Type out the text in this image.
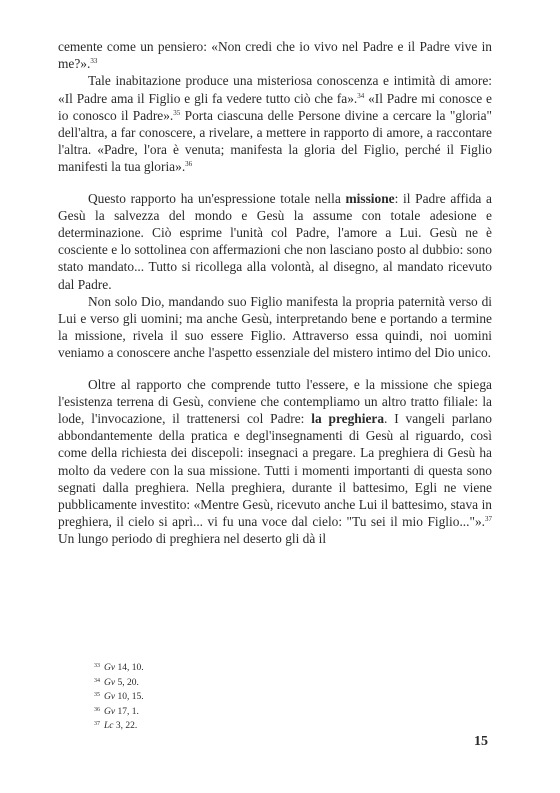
cemente come un pensiero: «Non credi che io vivo nel Padre e il Padre vive in me?».$^{33}$

Tale inabitazione produce una misteriosa conoscenza e intimità di amore: «Il Padre ama il Figlio e gli fa vedere tutto ciò che fa».$^{34}$ «Il Padre mi conosce e io conosco il Padre».$^{35}$ Porta ciascuna delle Persone divine a cercare la "gloria" dell'altra, a far conoscere, a rivelare, a mettere in rapporto di amore, a raccontare l'altra. «Padre, l'ora è venuta; manifesta la gloria del Figlio, perché il Figlio manifesti la tua gloria».$^{36}$

Questo rapporto ha un'espressione totale nella missione: il Padre affida a Gesù la salvezza del mondo e Gesù la assume con totale adesione e determinazione. Ciò esprime l'unità col Padre, l'amore a Lui. Gesù ne è cosciente e lo sottolinea con affermazioni che non lasciano posto al dubbio: sono stato mandato... Tutto si ricollega alla volontà, al disegno, al mandato ricevuto dal Padre.

Non solo Dio, mandando suo Figlio manifesta la propria paternità verso di Lui e verso gli uomini; ma anche Gesù, interpretando bene e portando a termine la missione, rivela il suo essere Figlio. Attraverso essa quindi, noi uomini veniamo a conoscere anche l'aspetto essenziale del mistero intimo del Dio unico.

Oltre al rapporto che comprende tutto l'essere, e la missione che spiega l'esistenza terrena di Gesù, conviene che contempliamo un altro tratto filiale: la lode, l'invocazione, il trattenersi col Padre: la preghiera. I vangeli parlano abbondantemente della pratica e degl'insegnamenti di Gesù al riguardo, così come della richiesta dei discepoli: insegnaci a pregare. La preghiera di Gesù ha molto da vedere con la sua missione. Tutti i momenti importanti di questa sono segnati dalla preghiera. Nella preghiera, durante il battesimo, Egli ne viene pubblicamente investito: «Mentre Gesù, ricevuto anche Lui il battesimo, stava in preghiera, il cielo si aprì... vi fu una voce dal cielo: "Tu sei il mio Figlio..."».$^{37}$ Un lungo periodo di preghiera nel deserto gli dà il

$^{33}$ Gv 14, 10.

$^{34}$ Gv 5, 20.

$^{35}$ Gv 10, 15.

$^{36}$ Gv 17, 1.

$^{37}$ Lc 3, 22.

15
